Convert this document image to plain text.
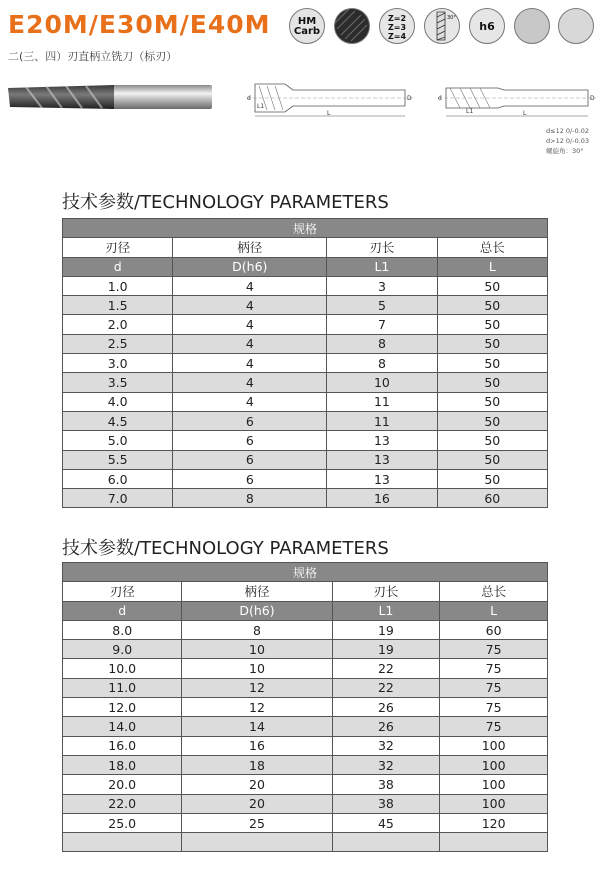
E20M/E30M/E40M
二(三、四）刃直柄立铣刀（标刃）
HM
Carb
Z=2
Z=3
Z=4
30°
h6
L1
L
d	D
L1	L
d	D
d≤12 0/-0.02
d>12 0/-0.03
螺旋角：30°
技术参数/TECHNOLOGY PARAMETERS
规格			
刃径	柄径	刃长	总长
d	D(h6)	L1	L
1.0	4	3	50
1.5	4	5	50
2.0	4	7	50
2.5	4	8	50
3.0	4	8	50
3.5	4	10	50
4.0	4	11	50
4.5	6	11	50
5.0	6	13	50
5.5	6	13	50
6.0	6	13	50
7.0	8	16	60
技术参数/TECHNOLOGY PARAMETERS
规格			
刃径	柄径	刃长	总长
d	D(h6)	L1	L
8.0	8	19	60
9.0	10	19	75
10.0	10	22	75
11.0	12	22	75
12.0	12	26	75
14.0	14	26	75
16.0	16	32	100
18.0	18	32	100
20.0	20	38	100
22.0	20	38	100
25.0	25	45	120
